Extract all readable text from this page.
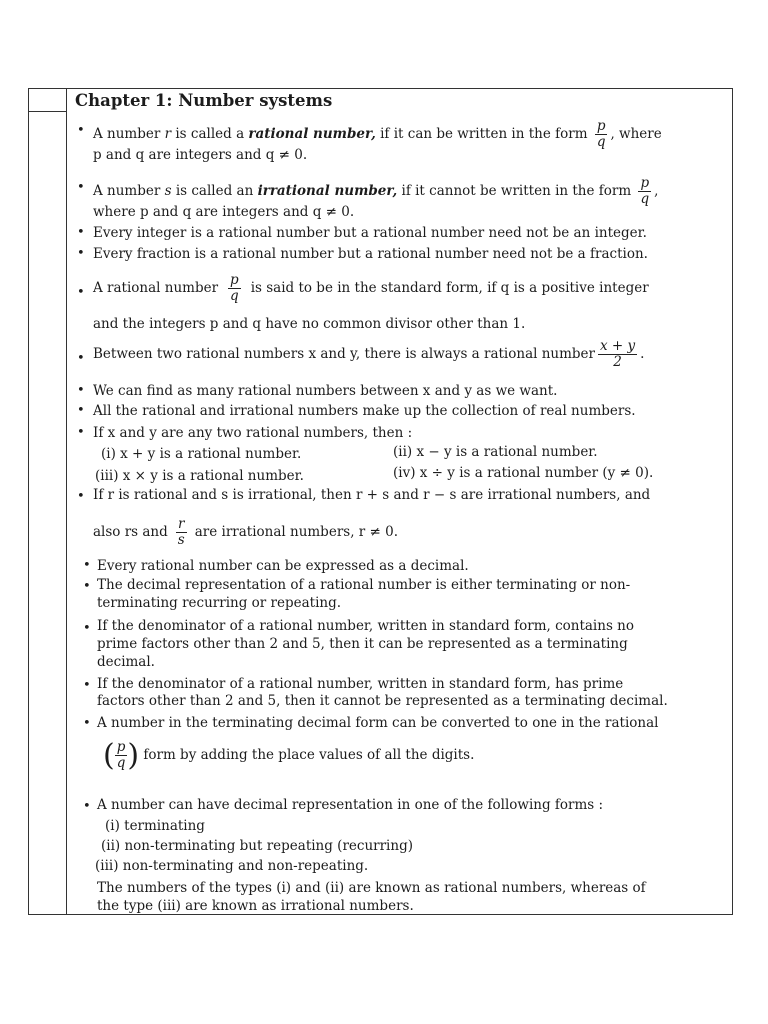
Chapter 1: Number systems
• A number r is called a rational number, if it can be written in the form $\frac{p}{q}$ , where
p and q are integers and q ≠ 0.
• A number s is called an irrational number, if it cannot be written in the form $\frac{p}{q}$ ,
where p and q are integers and q ≠ 0.
• Every integer is a rational number but a rational number need not be an integer.
• Every fraction is a rational number but a rational number need not be a fraction.
• A rational number $\frac{p}{q}$ is said to be in the standard form, if q is a positive integer
and the integers p and q have no common divisor other than 1.
• Between two rational numbers x and y, there is always a rational number $\frac{x + y}{2}$ .
• We can find as many rational numbers between x and y as we want.
• All the rational and irrational numbers make up the collection of real numbers.
• If x and y are any two rational numbers, then :
(i) x + y is a rational number.	(ii) x − y is a rational number.
(iii) x × y is a rational number.	(iv) x ÷ y is a rational number (y ≠ 0).
• If r is rational and s is irrational, then r + s and r − s are irrational numbers, and
also rs and $\frac{r}{s}$ are irrational numbers, r ≠ 0.
• Every rational number can be expressed as a decimal.
• The decimal representation of a rational number is either terminating or non-
terminating recurring or repeating.
• If the denominator of a rational number, written in standard form, contains no
prime factors other than 2 and 5, then it can be represented as a terminating
decimal.
• If the denominator of a rational number, written in standard form, has prime
factors other than 2 and 5, then it cannot be represented as a terminating decimal.
• A number in the terminating decimal form can be converted to one in the rational
( $\frac{p}{q}$ ) form by adding the place values of all the digits.
• A number can have decimal representation in one of the following forms :
(i) terminating
(ii) non-terminating but repeating (recurring)
(iii) non-terminating and non-repeating.
The numbers of the types (i) and (ii) are known as rational numbers, whereas of
the type (iii) are known as irrational numbers.
